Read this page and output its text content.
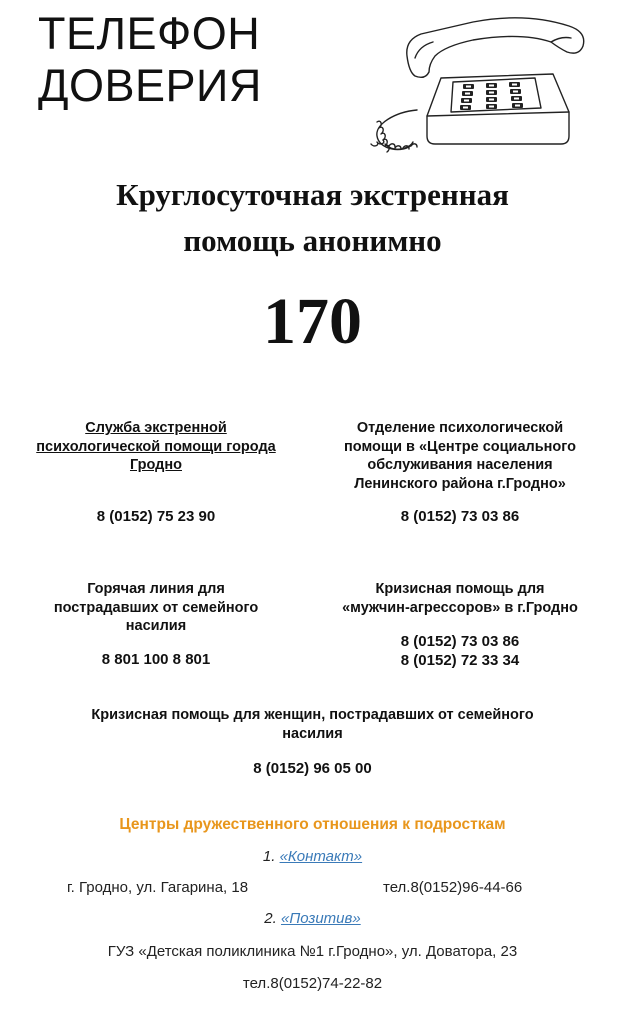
ТЕЛЕФОН
ДОВЕРИЯ
Круглосуточная экстренная
помощь анонимно
170
Служба экстренной
психологической помощи города
Гродно
8 (0152) 75 23 90
Отделение психологической
помощи в «Центре социального
обслуживания населения
Ленинского района г.Гродно»
8 (0152) 73 03 86
Горячая линия для
пострадавших от семейного
насилия
8 801 100 8 801
Кризисная помощь для
«мужчин-агрессоров» в г.Гродно
8 (0152) 73 03 86
8 (0152) 72 33 34
Кризисная помощь для женщин, пострадавших от семейного
насилия
8 (0152) 96 05 00
Центры дружественного отношения к подросткам
1. «Контакт»
г. Гродно, ул. Гагарина, 18	тел.8(0152)96-44-66
2. «Позитив»
ГУЗ «Детская поликлиника №1 г.Гродно», ул. Доватора, 23
тел.8(0152)74-22-82
